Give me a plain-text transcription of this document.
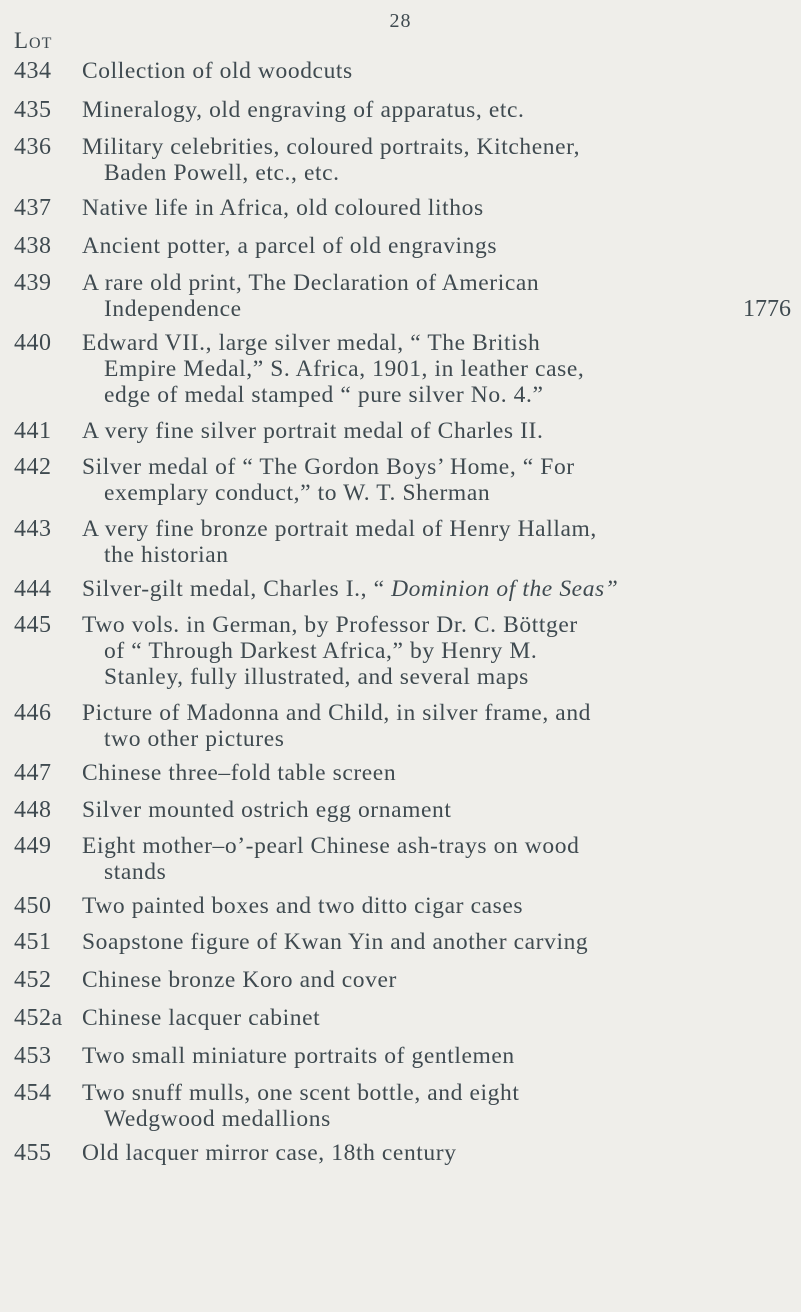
28
Lot
434 Collection of old woodcuts
435 Mineralogy, old engraving of apparatus, etc.
436 Military celebrities, coloured portraits, Kitchener,
Baden Powell, etc., etc.
437 Native life in Africa, old coloured lithos
438 Ancient potter, a parcel of old engravings
439 A rare old print, The Declaration of American
Independence	1776
440 Edward VII., large silver medal, “ The British
Empire Medal,” S. Africa, 1901, in leather case,
edge of medal stamped “ pure silver No. 4.”
441 A very fine silver portrait medal of Charles II.
442 Silver medal of “ The Gordon Boys’ Home, “ For
exemplary conduct,” to W. T. Sherman
443 A very fine bronze portrait medal of Henry Hallam,
the historian
444 Silver-gilt medal, Charles I., “ Dominion of the Seas”
445 Two vols. in German, by Professor Dr. C. Böttger
of “ Through Darkest Africa,” by Henry M.
Stanley, fully illustrated, and several maps
446 Picture of Madonna and Child, in silver frame, and
two other pictures
447 Chinese three–fold table screen
448 Silver mounted ostrich egg ornament
449 Eight mother–o’-pearl Chinese ash-trays on wood
stands
450 Two painted boxes and two ditto cigar cases
451 Soapstone figure of Kwan Yin and another carving
452 Chinese bronze Koro and cover
452a Chinese lacquer cabinet
453 Two small miniature portraits of gentlemen
454 Two snuff mulls, one scent bottle, and eight
Wedgwood medallions
455 Old lacquer mirror case, 18th century
